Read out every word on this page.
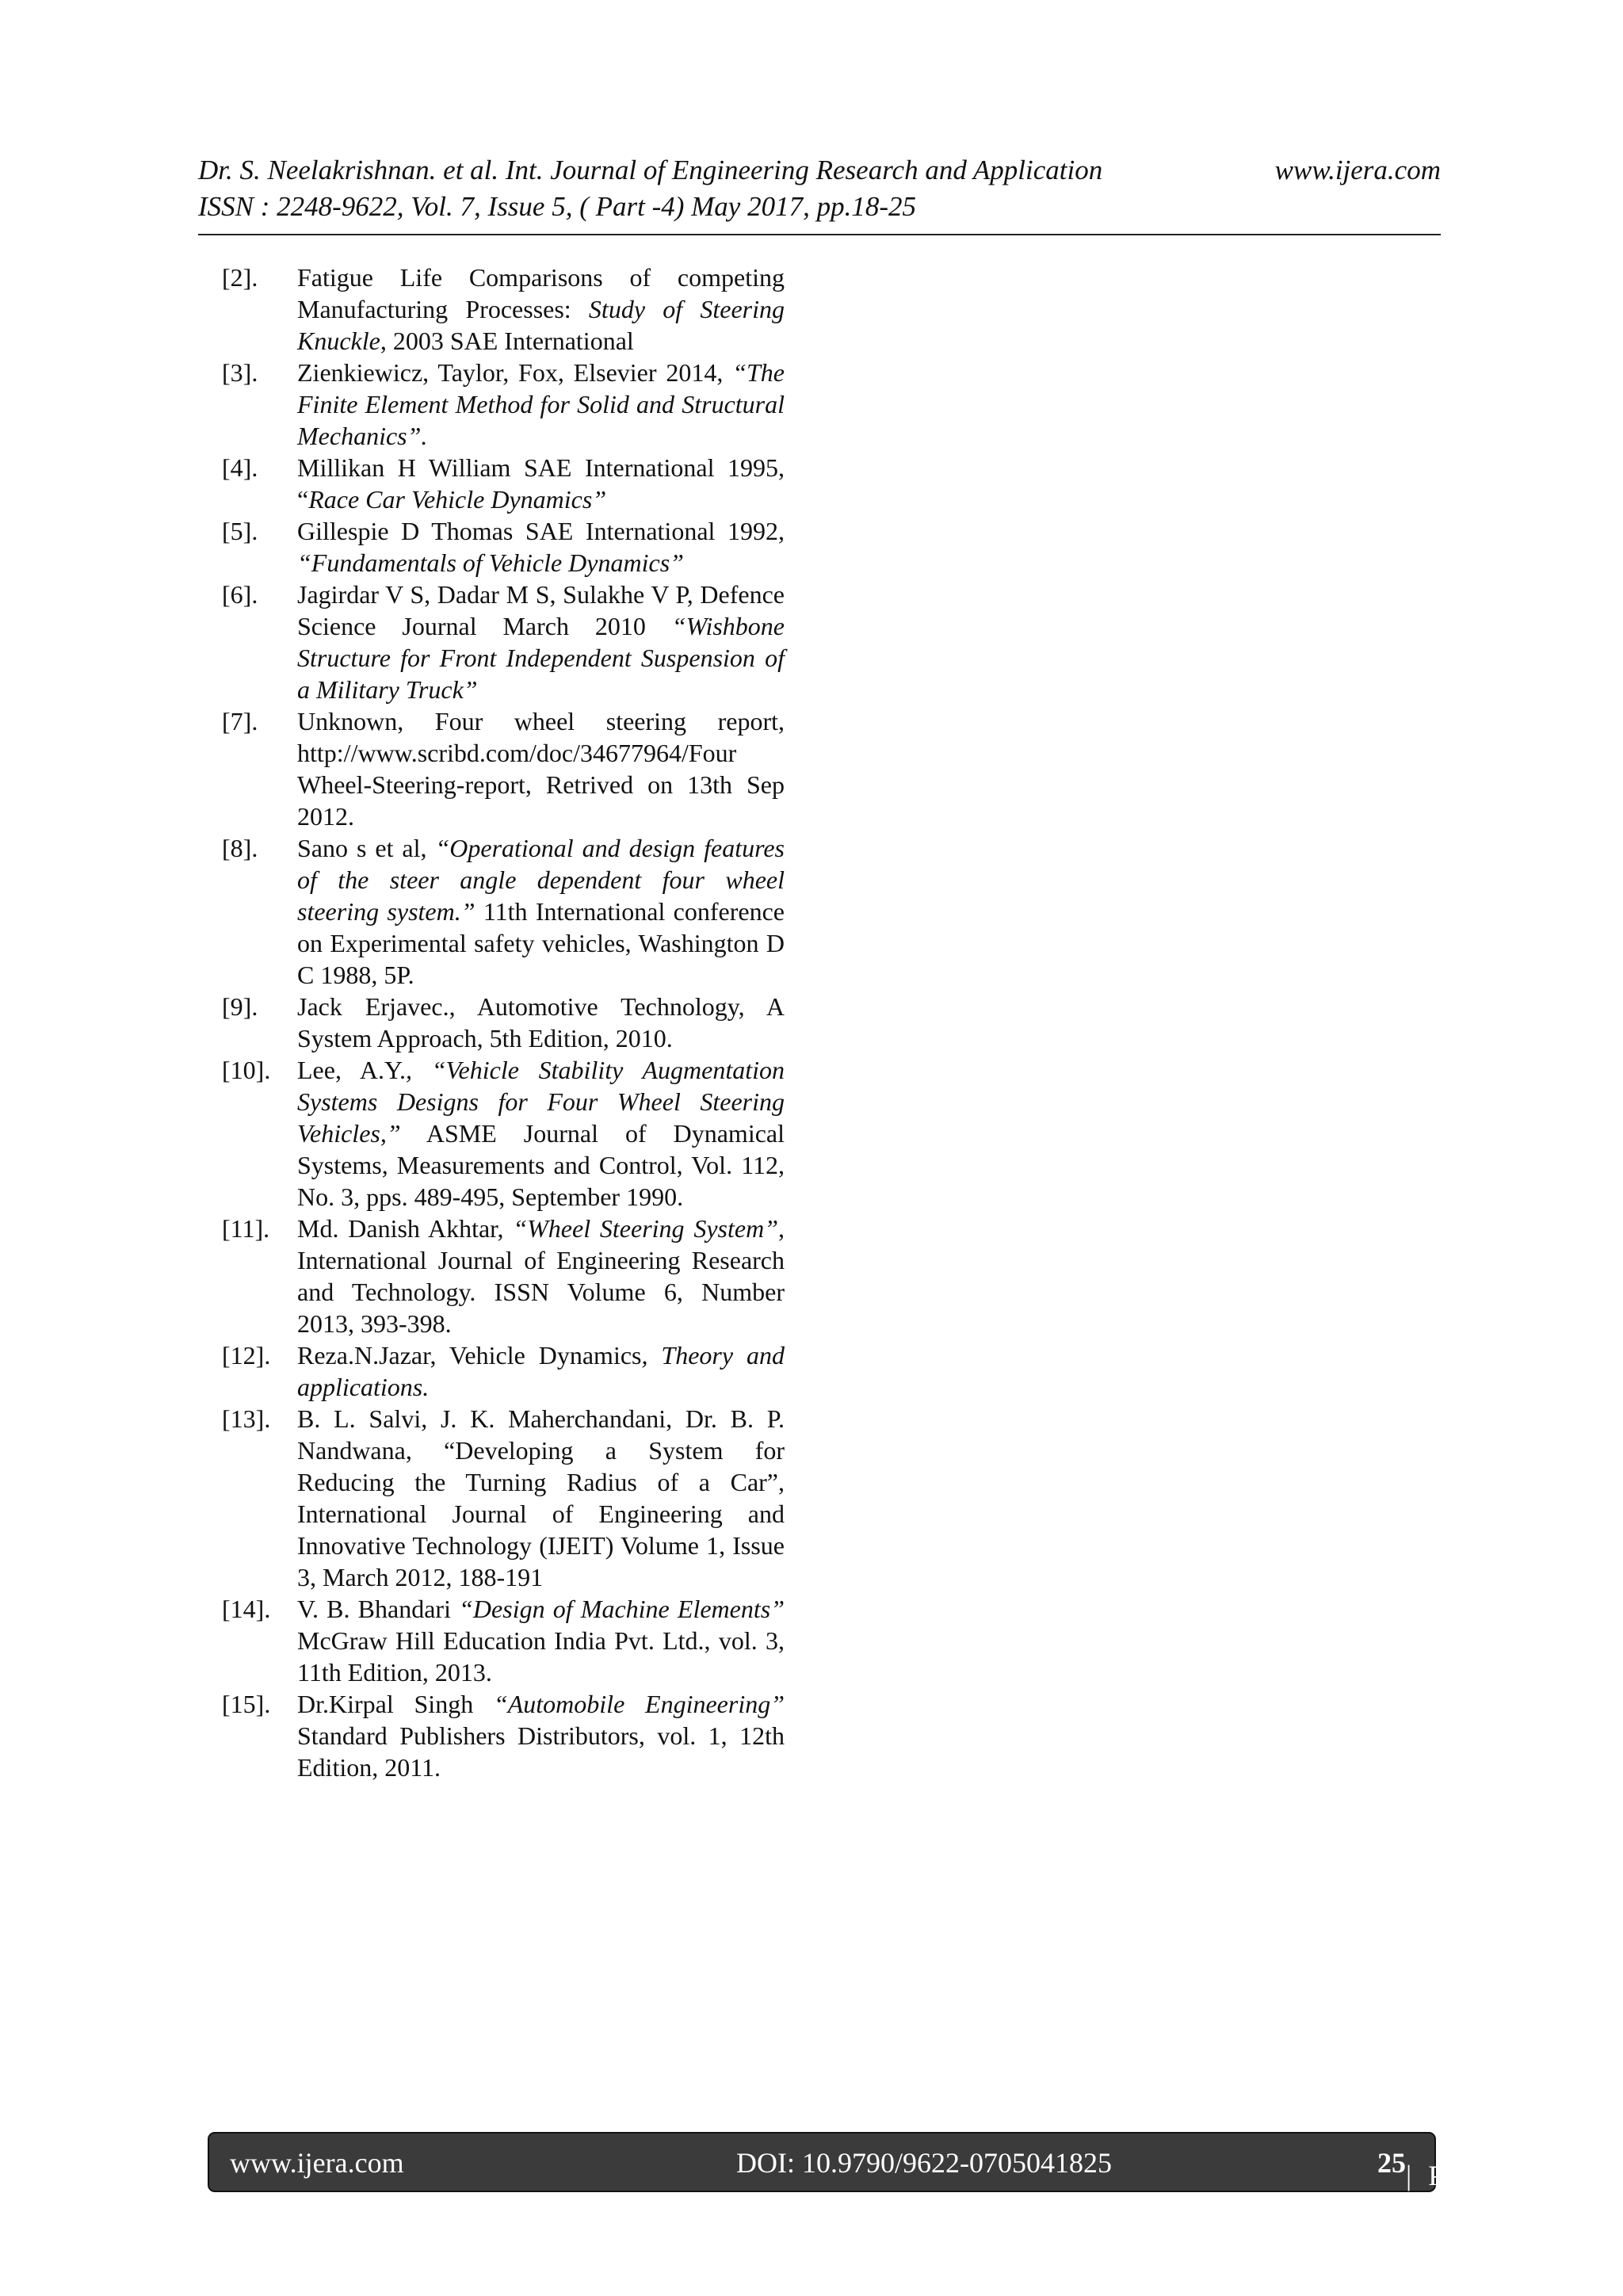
Dr. S. Neelakrishnan. et al. Int. Journal of Engineering Research and Application	www.ijera.com
ISSN : 2248-9622, Vol. 7, Issue 5, ( Part -4) May 2017, pp.18-25
[2].	Fatigue Life Comparisons of competing Manufacturing Processes: Study of Steering Knuckle, 2003 SAE International
[3].	Zienkiewicz, Taylor, Fox, Elsevier 2014, “The Finite Element Method for Solid and Structural Mechanics”.
[4].	Millikan H William SAE International 1995, “Race Car Vehicle Dynamics”
[5].	Gillespie D Thomas SAE International 1992, “Fundamentals of Vehicle Dynamics”
[6].	Jagirdar V S, Dadar M S, Sulakhe V P, Defence Science Journal March 2010 “Wishbone Structure for Front Independent Suspension of a Military Truck”
[7].	Unknown, Four wheel steering report, http://www.scribd.com/doc/34677964/Four Wheel-Steering-report, Retrived on 13th Sep 2012.
[8].	Sano s et al, “Operational and design features of the steer angle dependent four wheel steering system.” 11th International conference on Experimental safety vehicles, Washington D C 1988, 5P.
[9].	Jack Erjavec., Automotive Technology, A System Approach, 5th Edition, 2010.
[10].	Lee, A.Y., “Vehicle Stability Augmentation Systems Designs for Four Wheel Steering Vehicles,” ASME Journal of Dynamical Systems, Measurements and Control, Vol. 112, No. 3, pps. 489-495, September 1990.
[11].	Md. Danish Akhtar, “Wheel Steering System”, International Journal of Engineering Research and Technology. ISSN Volume 6, Number 2013, 393-398.
[12].	Reza.N.Jazar, Vehicle Dynamics, Theory and applications.
[13].	B. L. Salvi, J. K. Maherchandani, Dr. B. P. Nandwana, “Developing a System for Reducing the Turning Radius of a Car”, International Journal of Engineering and Innovative Technology (IJEIT) Volume 1, Issue 3, March 2012, 188-191
[14].	V. B. Bhandari “Design of Machine Elements” McGraw Hill Education India Pvt. Ltd., vol. 3, 11th Edition, 2013.
[15].	Dr.Kirpal Singh “Automobile Engineering” Standard Publishers Distributors, vol. 1, 12th Edition, 2011.
www.ijera.com	DOI: 10.9790/9622-0705041825	25 | P a g e
